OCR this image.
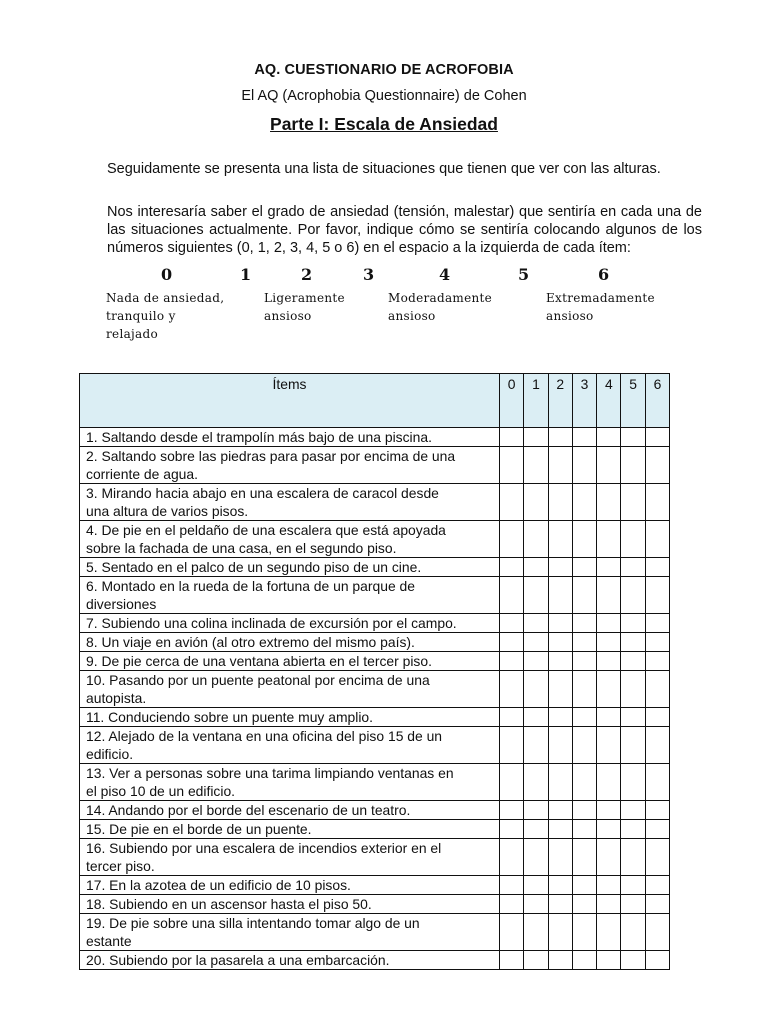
AQ. CUESTIONARIO DE ACROFOBIA
El AQ (Acrophobia Questionnaire) de Cohen
Parte I: Escala de Ansiedad
Seguidamente se presenta una lista de situaciones que tienen que ver con las alturas.
Nos interesaría saber el grado de ansiedad (tensión, malestar) que sentiría en cada una de las situaciones actualmente. Por favor, indique cómo se sentiría colocando algunos de los números siguientes (0, 1, 2, 3, 4, 5 o 6) en el espacio a la izquierda de cada ítem:
0	1	2	3	4	5	6
Nada de ansiedad,
tranquilo y
relajado
Ligeramente
ansioso
Moderadamente
ansioso
Extremadamente
ansioso
Ítems	0	1	2	3	4	5	6

1. Saltando desde el trampolín más bajo de una piscina.							

2. Saltando sobre las piedras para pasar por encima de una
corriente de agua.							

3. Mirando hacia abajo en una escalera de caracol desde
una altura de varios pisos.							

4. De pie en el peldaño de una escalera que está apoyada
sobre la fachada de una casa, en el segundo piso.							

5. Sentado en el palco de un segundo piso de un cine.							

6. Montado en la rueda de la fortuna de un parque de
diversiones							

7. Subiendo una colina inclinada de excursión por el campo.							

8. Un viaje en avión (al otro extremo del mismo país).							

9. De pie cerca de una ventana abierta en el tercer piso.							

10. Pasando por un puente peatonal por encima de una
autopista.							

11. Conduciendo sobre un puente muy amplio.							

12. Alejado de la ventana en una oficina del piso 15 de un
edificio.							

13. Ver a personas sobre una tarima limpiando ventanas en
el piso 10 de un edificio.							

14. Andando por el borde del escenario de un teatro.							

15. De pie en el borde de un puente.							

16. Subiendo por una escalera de incendios exterior en el
tercer piso.							

17. En la azotea de un edificio de 10 pisos.							

18. Subiendo en un ascensor hasta el piso 50.							

19. De pie sobre una silla intentando tomar algo de un
estante							

20. Subiendo por la pasarela a una embarcación.							
